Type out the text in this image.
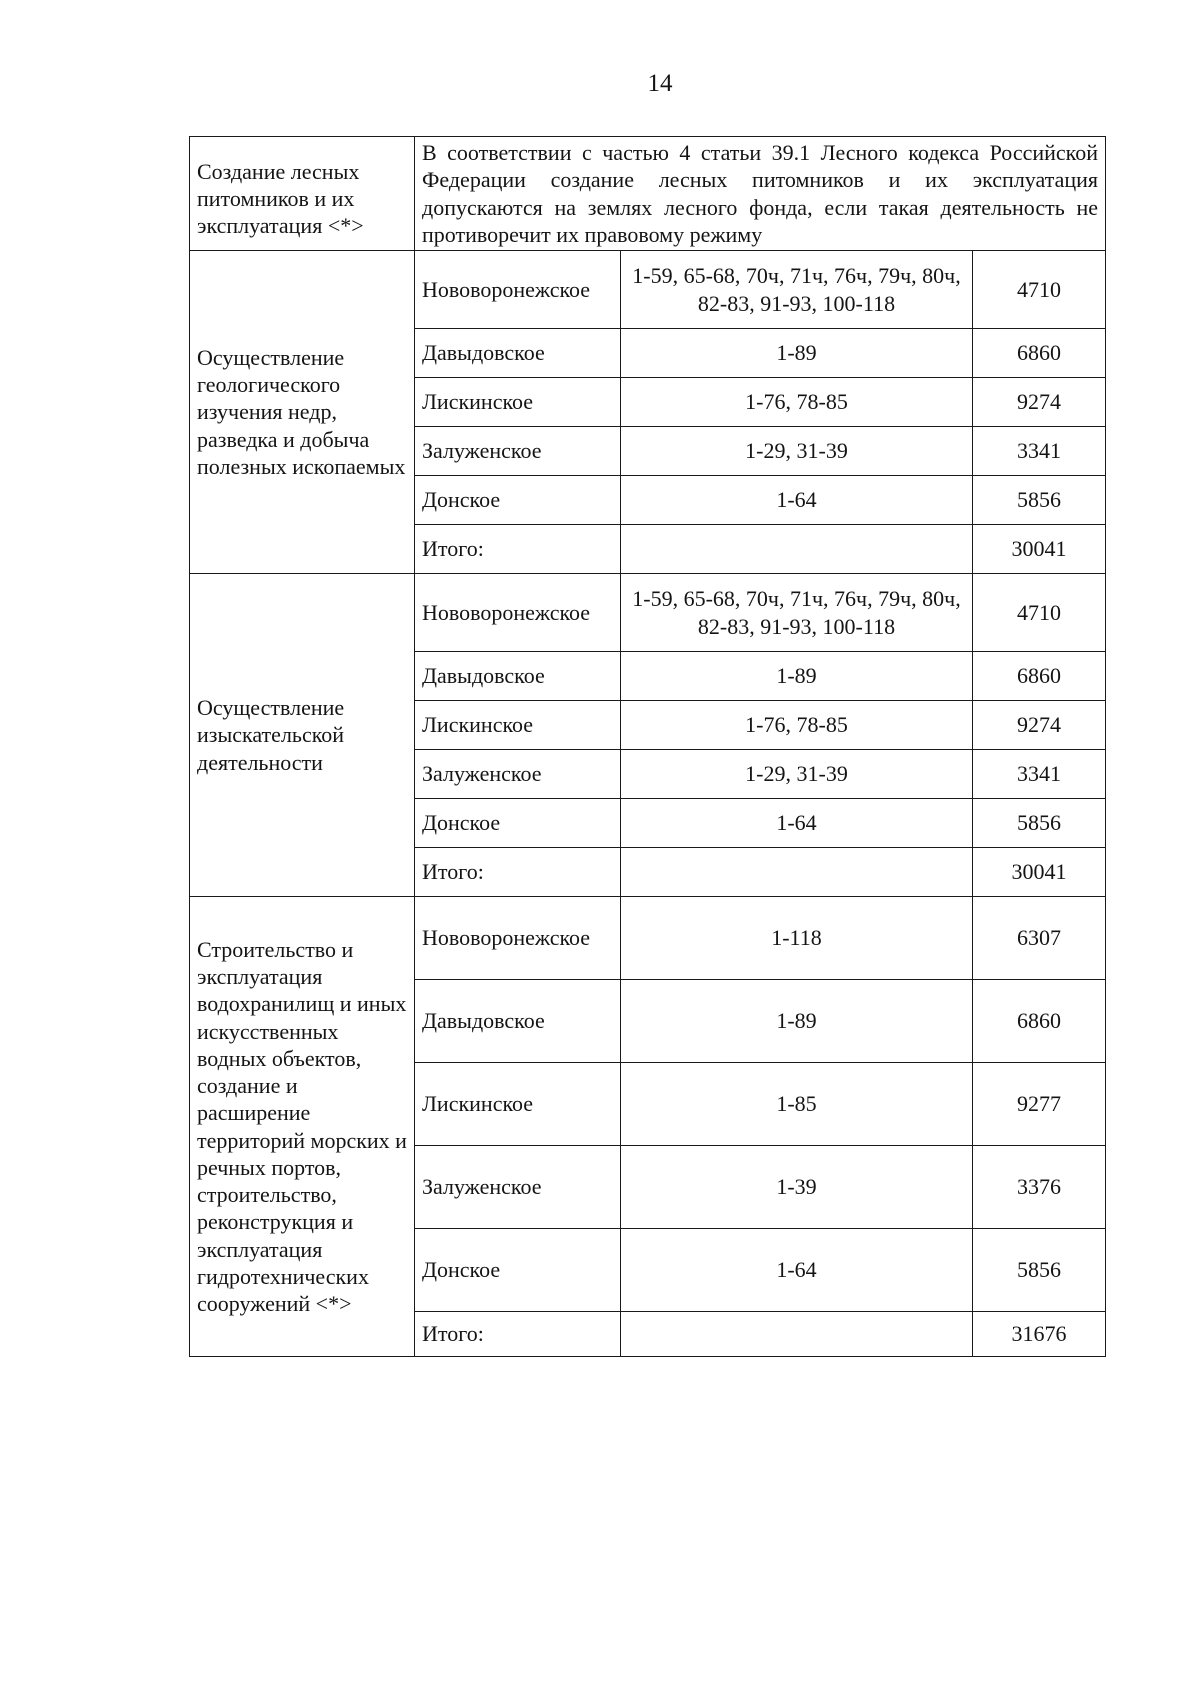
14
Создание лесных питомников и их эксплуатация <*>	В соответствии с частью 4 статьи 39.1 Лесного кодекса Российской Федерации создание лесных питомников и их эксплуатация допускаются на землях лесного фонда, если такая деятельность не противоречит их правовому режиму		
Осуществление геологического изучения недр, разведка и добыча полезных ископаемых	Нововоронежское	1-59, 65-68, 70ч, 71ч, 76ч, 79ч, 80ч, 82-83, 91-93, 100-118	4710
	Давыдовское	1-89	6860
	Лискинское	1-76, 78-85	9274
	Залуженское	1-29, 31-39	3341
	Донское	1-64	5856
	Итого:		30041
Осуществление изыскательской деятельности	Нововоронежское	1-59, 65-68, 70ч, 71ч, 76ч, 79ч, 80ч, 82-83, 91-93, 100-118	4710
	Давыдовское	1-89	6860
	Лискинское	1-76, 78-85	9274
	Залуженское	1-29, 31-39	3341
	Донское	1-64	5856
	Итого:		30041
Строительство и эксплуатация водохранилищ и иных искусственных водных объектов, создание и расширение территорий морских и речных портов, строительство, реконструкция и эксплуатация гидротехнических сооружений <*>	Нововоронежское	1-118	6307
	Давыдовское	1-89	6860
	Лискинское	1-85	9277
	Залуженское	1-39	3376
	Донское	1-64	5856
	Итого:		31676
